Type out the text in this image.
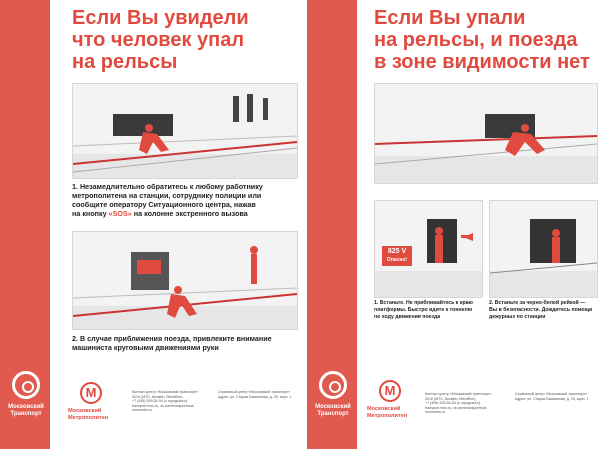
Если Вы увидели
что человек упал
на рельсы
1. Незамедлительно обратитесь к любому работнику
метрополитена на станции, сотруднику полиции или
сообщите оператору Ситуационного центра, нажав
на кнопку «SOS» на колонне экстренного вызова
2. В случае приближения поезда, привлеките внимание
машиниста круговыми движениями руки
Московский
Транспорт
М
Московский
Метрополитен
Контакт-центр «Московский транспорт»
3210 (МТС, Билайн, МегаФон)
+7 (495) 539-54-54 (с городского)
transport.mos.ru, vk.com/transportmos
mosmetro.ru
Сервисный центр «Московский транспорт»
Адрес: ул. Старая Басманная, д. 20, корп. 1
Если Вы упали
на рельсы, и поезда
в зоне видимости нет
825 V
Опасно!
1. Встаньте. Не приближайтесь к краю
платформы. Быстро идите к тоннелю
по ходу движения поезда
2. Встаньте за черно-белой рейкой —
Вы в безопасности. Дождитесь помощи
дежурных по станции
Московский
Транспорт
М
Московский
Метрополитен
Контакт-центр «Московский транспорт»
3210 (МТС, Билайн, МегаФон)
+7 (495) 539-54-54 (с городского)
transport.mos.ru, vk.com/transportmos
mosmetro.ru
Сервисный центр «Московский транспорт»
Адрес: ул. Старая Басманная, д. 20, корп. 1
